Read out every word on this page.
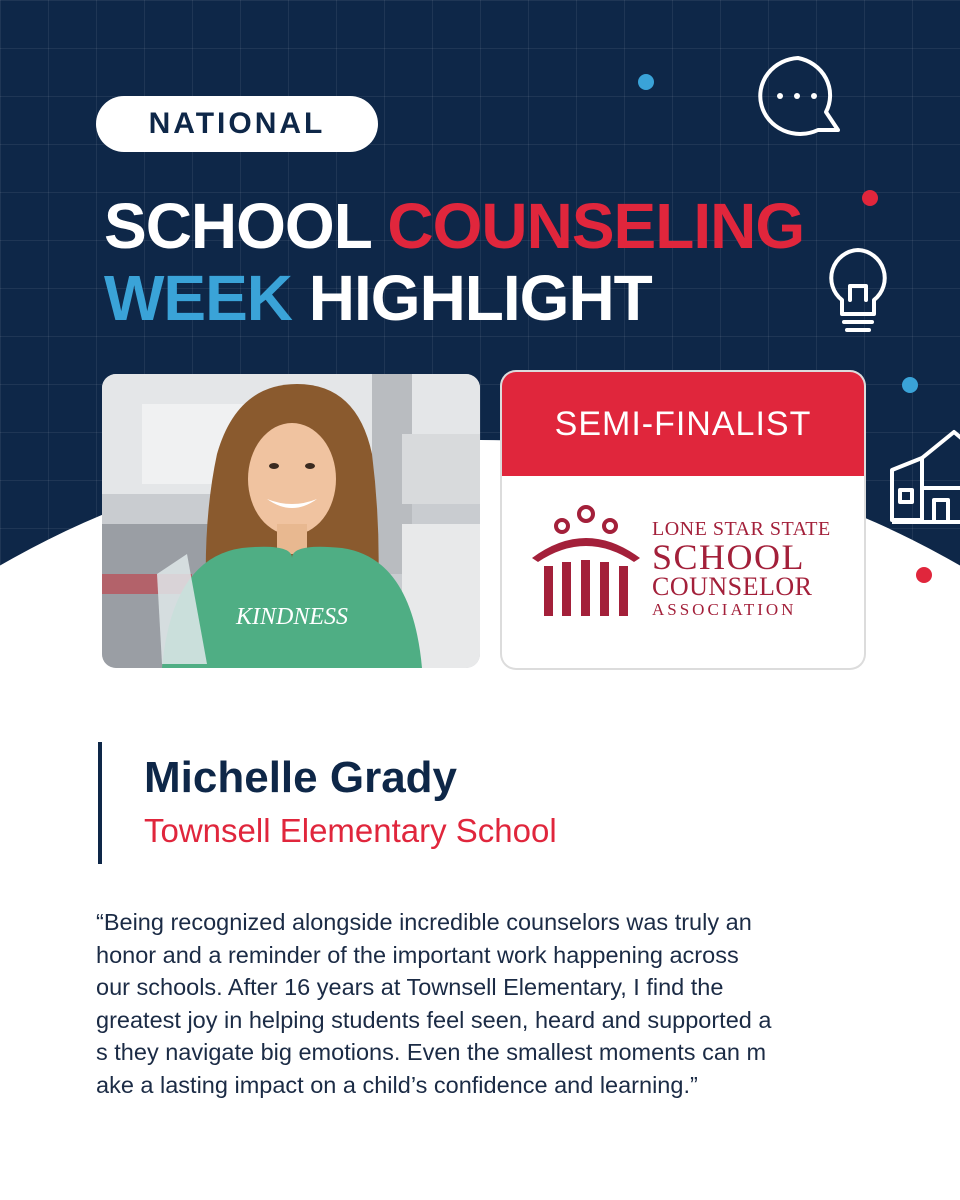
NATIONAL
SCHOOL COUNSELING
WEEK HIGHLIGHT
KINDNESS
SEMI-FINALIST
LONE STAR STATE
SCHOOL
COUNSELOR
ASSOCIATION
Michelle Grady
Townsell Elementary School
“Being recognized alongside incredible counselors was truly an
honor and a reminder of the important work happening across
our schools. After 16 years at Townsell Elementary, I find the
greatest joy in helping students feel seen, heard and supported a
s they navigate big emotions. Even the smallest moments can m
ake a lasting impact on a child’s confidence and learning.”
